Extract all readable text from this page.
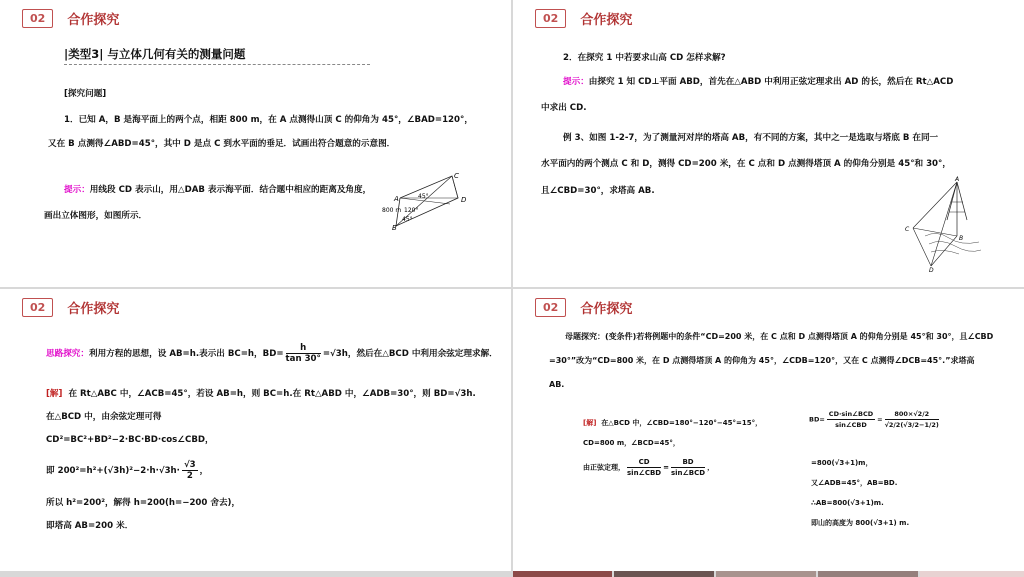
02	合作探究
|类型3| 与立体几何有关的测量问题
[探究问题]
1．已知 A，B 是海平面上的两个点，相距 800 m，在 A 点测得山顶 C 的仰角为 45°，∠BAD=120°，
又在 B 点测得∠ABD=45°，其中 D 是点 C 到水平面的垂足．试画出符合题意的示意图．
提示：用线段 CD 表示山，用△DAB 表示海平面．结合题中相应的距离及角度，
画出立体图形，如图所示．
C
D
A
B
45°
120°
45°
800 m
02	合作探究
2．在探究 1 中若要求山高 CD 怎样求解?
提示：由探究 1 知 CD⊥平面 ABD，首先在△ABD 中利用正弦定理求出 AD 的长，然后在 Rt△ACD
中求出 CD.
例 3、如图 1-2-7，为了测量河对岸的塔高 AB，有不同的方案，其中之一是选取与塔底 B 在同一
水平面内的两个测点 C 和 D，测得 CD=200 米，在 C 点和 D 点测得塔顶 A 的仰角分别是 45°和 30°，
且∠CBD=30°，求塔高 AB.
A
B
C
D
02	合作探究
思路探究：利用方程的思想，设 AB=h.表示出 BC=h，$BD= \frac{h}{\tan 30^\circ} =√3h$，然后在△BCD 中利用余弦定理求解．
[解] 在 Rt△ABC 中，∠ACB=45°，若设 AB=h，则 BC=h.在 Rt△ABD 中，∠ADB=30°，则 BD=√3h.
在△BCD 中，由余弦定理可得
CD²=BC²+BD²−2·BC·BD·cos∠CBD，
即 $200^2=h^2+(√3h)^2-2\cdot h\cdot√3h\cdot \frac{√3}{2}$ ，
所以 h²=200²，解得 h=200(h=−200 舍去)，
即塔高 AB=200 米．
02	合作探究
母题探究：(变条件)若将例题中的条件“CD=200 米，在 C 点和 D 点测得塔顶 A 的仰角分别是 45°和 30°，且∠CBD
=30°”改为“CD=800 米，在 D 点测得塔顶 A 的仰角为 45°，∠CDB=120°，又在 C 点测得∠DCB=45°.”求塔高
AB.
[解] 在△BCD 中，∠CBD=180°−120°−45°=15°，
CD=800 m，∠BCD=45°，
由正弦定理， $\frac{CD}{\text{sin∠CBD}} = \frac{BD}{\text{sin∠BCD}}$ ，
$BD= \frac{\text{CD·sin∠BCD}}{\text{sin∠CBD}} = \frac{800\times√2/2}{√2/2(√3/2-1/2)}$
=800(√3+1)m，
又∠ADB=45°，AB=BD.
∴AB=800(√3+1)m.
即山的高度为 800(√3+1) m.
